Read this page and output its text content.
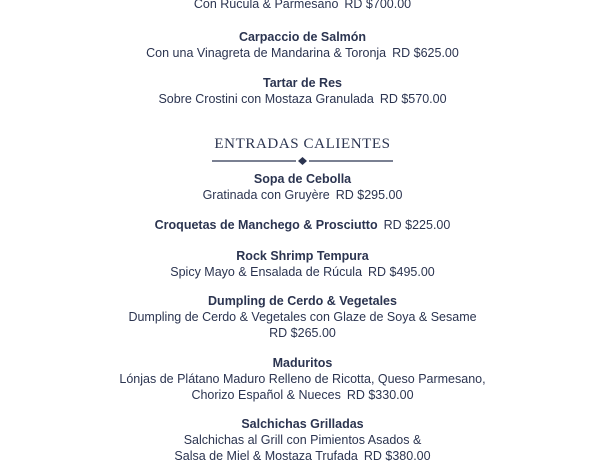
Con Rúcula & Parmesano RD $700.00
Carpaccio de Salmón
Con una Vinagreta de Mandarina & Toronja RD $625.00
Tartar de Res
Sobre Crostini con Mostaza Granulada RD $570.00
ENTRADAS CALIENTES
Sopa de Cebolla
Gratinada con Gruyère RD $295.00
Croquetas de Manchego & Prosciutto RD $225.00
Rock Shrimp Tempura
Spicy Mayo & Ensalada de Rúcula RD $495.00
Dumpling de Cerdo & Vegetales
Dumpling de Cerdo & Vegetales con Glaze de Soya & Sesame
RD $265.00
Maduritos
Lónjas de Plátano Maduro Relleno de Ricotta, Queso Parmesano,
Chorizo Español & Nueces RD $330.00
Salchichas Grilladas
Salchichas al Grill con Pimientos Asados &
Salsa de Miel & Mostaza Trufada RD $380.00
